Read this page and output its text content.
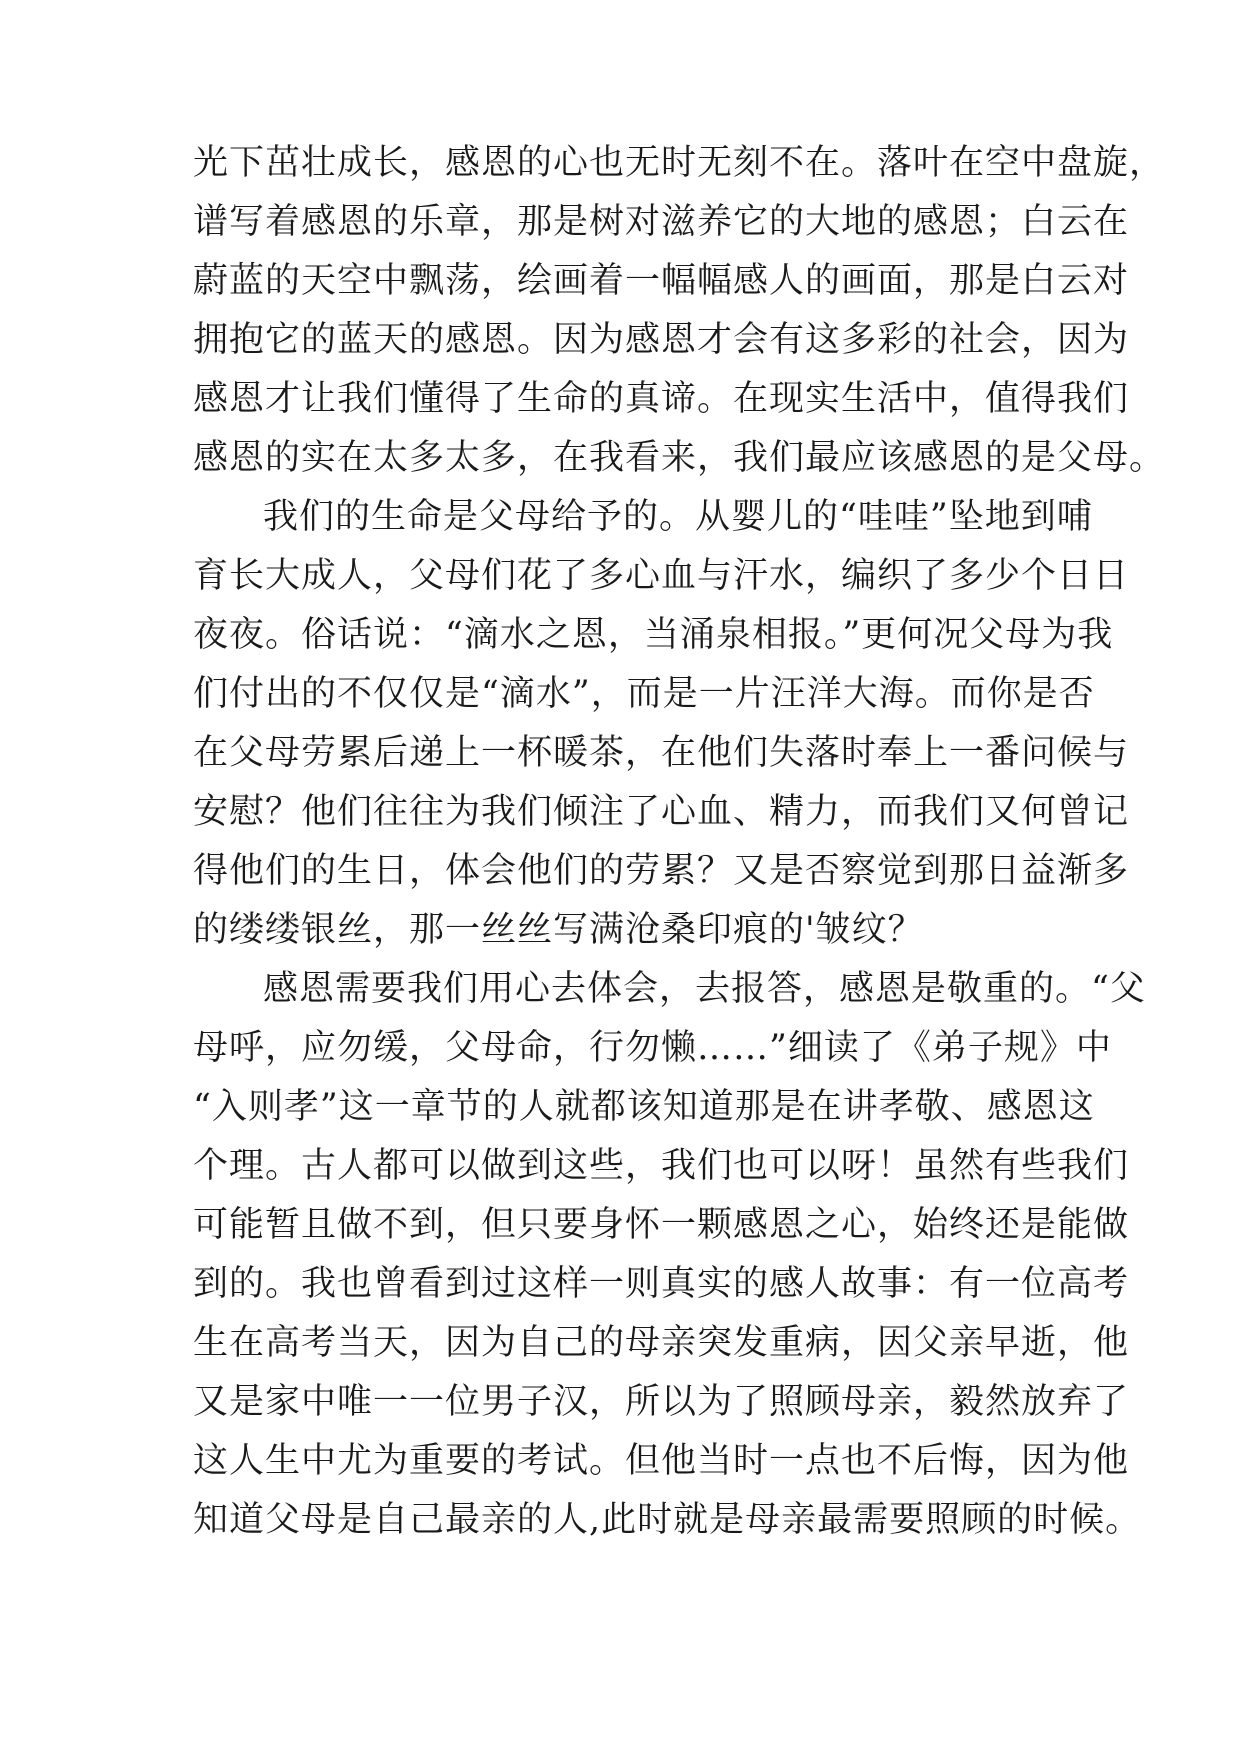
光下茁壮成长，感恩的心也无时无刻不在。落叶在空中盘旋，
谱写着感恩的乐章，那是树对滋养它的大地的感恩；白云在
蔚蓝的天空中飘荡，绘画着一幅幅感人的画面，那是白云对
拥抱它的蓝天的感恩。因为感恩才会有这多彩的社会，因为
感恩才让我们懂得了生命的真谛。在现实生活中，值得我们
感恩的实在太多太多，在我看来，我们最应该感恩的是父母。
我们的生命是父母给予的。从婴儿的“哇哇”坠地到哺
育长大成人，父母们花了多心血与汗水，编织了多少个日日
夜夜。俗话说：“滴水之恩，当涌泉相报。”更何况父母为我
们付出的不仅仅是“滴水”，而是一片汪洋大海。而你是否
在父母劳累后递上一杯暖茶，在他们失落时奉上一番问候与
安慰？他们往往为我们倾注了心血、精力，而我们又何曾记
得他们的生日，体会他们的劳累？又是否察觉到那日益渐多
的缕缕银丝，那一丝丝写满沧桑印痕的'皱纹？
感恩需要我们用心去体会，去报答，感恩是敬重的。“父
母呼，应勿缓，父母命，行勿懒……”细读了《弟子规》中
“入则孝”这一章节的人就都该知道那是在讲孝敬、感恩这
个理。古人都可以做到这些，我们也可以呀！虽然有些我们
可能暂且做不到，但只要身怀一颗感恩之心，始终还是能做
到的。我也曾看到过这样一则真实的感人故事：有一位高考
生在高考当天，因为自己的母亲突发重病，因父亲早逝，他
又是家中唯一一位男子汉，所以为了照顾母亲，毅然放弃了
这人生中尤为重要的考试。但他当时一点也不后悔，因为他
知道父母是自己最亲的人,此时就是母亲最需要照顾的时候。
